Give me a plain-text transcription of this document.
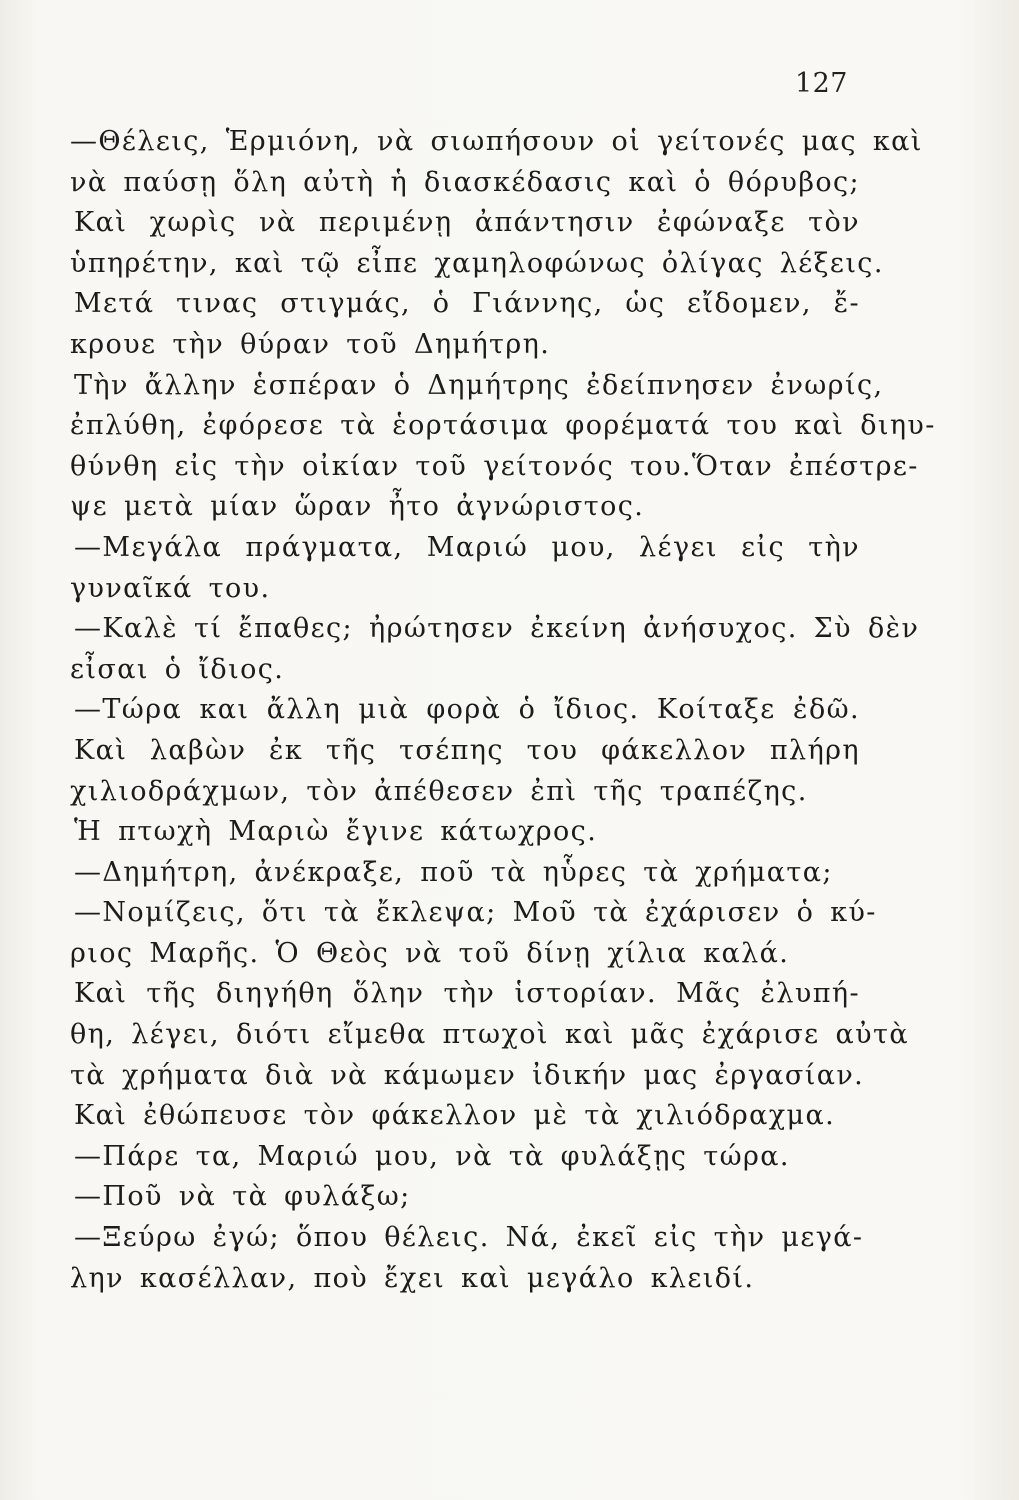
127
—Θέλεις, Ἑρμιόνη, νὰ σιωπήσουν οἱ γείτονές μας καὶ
νὰ παύσῃ ὅλη αὐτὴ ἡ διασκέδασις καὶ ὁ θόρυβος;
Καὶ χωρὶς νὰ περιμένῃ ἀπάντησιν ἐφώναξε τὸν
ὑπηρέτην, καὶ τῷ εἶπε χαμηλοφώνως ὀλίγας λέξεις.
Μετά τινας στιγμάς, ὁ Γιάννης, ὡς εἴδομεν, ἔ-
κρουε τὴν θύραν τοῦ Δημήτρη.
Τὴν ἄλλην ἑσπέραν ὁ Δημήτρης ἐδείπνησεν ἐνωρίς,
ἐπλύθη, ἐφόρεσε τὰ ἑορτάσιμα φορέματά του καὶ διηυ-
θύνθη εἰς τὴν οἰκίαν τοῦ γείτονός του.Ὅταν ἐπέστρε-
ψε μετὰ μίαν ὥραν ἦτο ἀγνώριστος.
—Μεγάλα πράγματα, Μαριώ μου, λέγει εἰς τὴν
γυναῖκά του.
—Καλὲ τί ἔπαθες; ἠρώτησεν ἐκείνη ἀνήσυχος. Σὺ δὲν
εἶσαι ὁ ἴδιος.
—Τώρα και ἄλλη μιὰ φορὰ ὁ ἴδιος. Κοίταξε ἐδῶ.
Καὶ λαβὼν ἐκ τῆς τσέπης του φάκελλον πλήρη
χιλιοδράχμων, τὸν ἀπέθεσεν ἐπὶ τῆς τραπέζης.
Ἡ πτωχὴ Μαριὼ ἔγινε κάτωχρος.
—Δημήτρη, ἀνέκραξε, ποῦ τὰ ηὗρες τὰ χρήματα;
—Νομίζεις, ὅτι τὰ ἔκλεψα; Μοῦ τὰ ἐχάρισεν ὁ κύ-
ριος Μαρῆς. Ὁ Θεὸς νὰ τοῦ δίνῃ χίλια καλά.
Καὶ τῆς διηγήθη ὅλην τὴν ἱστορίαν. Μᾶς ἐλυπή-
θη, λέγει, διότι εἴμεθα πτωχοὶ καὶ μᾶς ἐχάρισε αὐτὰ
τὰ χρήματα διὰ νὰ κάμωμεν ἰδικήν μας ἐργασίαν.
Καὶ ἐθώπευσε τὸν φάκελλον μὲ τὰ χιλιόδραχμα.
—Πάρε τα, Μαριώ μου, νὰ τὰ φυλάξῃς τώρα.
—Ποῦ νὰ τὰ φυλάξω;
—Ξεύρω ἐγώ; ὅπου θέλεις. Νά, ἐκεῖ εἰς τὴν μεγά-
λην κασέλλαν, ποὺ ἔχει καὶ μεγάλο κλειδί.
